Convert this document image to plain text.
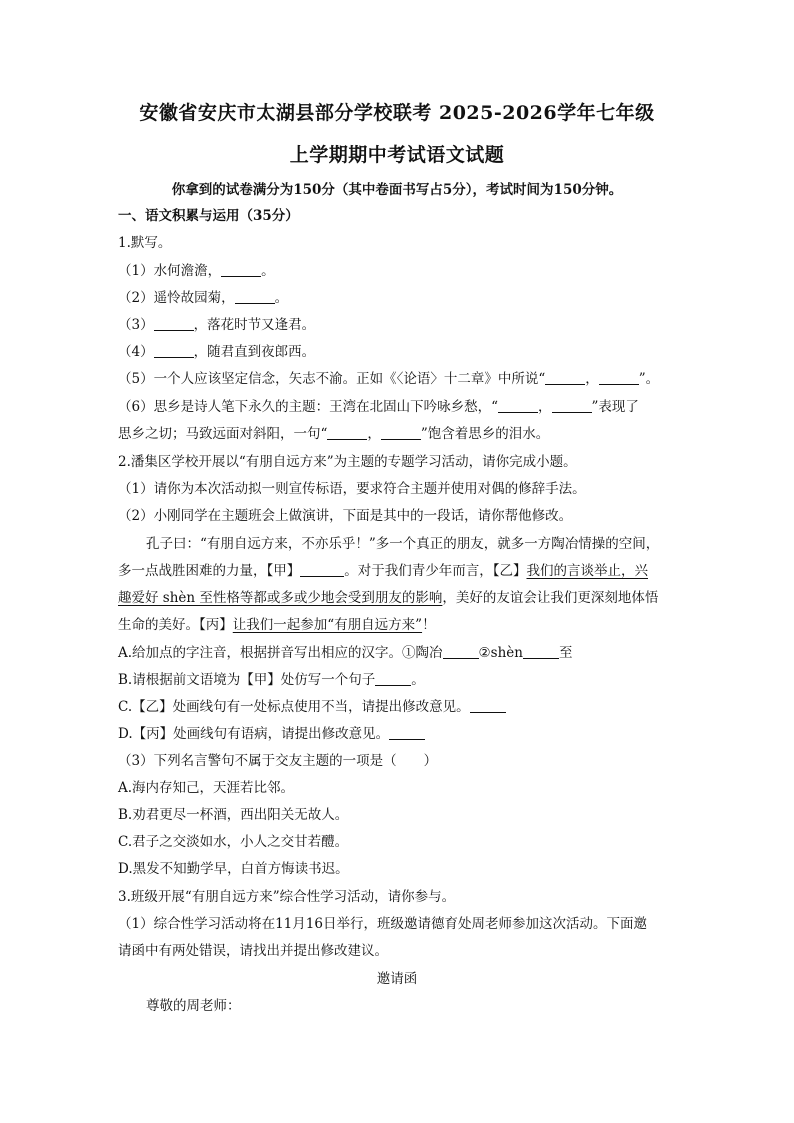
安徽省安庆市太湖县部分学校联考 2025-2026学年七年级
上学期期中考试语文试题
你拿到的试卷满分为150分（其中卷面书写占5分），考试时间为150分钟。
一、语文积累与运用（35分）
1.默写。
（1）水何澹澹，	。
（2）遥怜故园菊，	。
（3）	，落花时节又逢君。
（4）	，随君直到夜郎西。
（5）一个人应该坚定信念，矢志不渝。正如《〈论语〉十二章》中所说“	，	”。
（6）思乡是诗人笔下永久的主题：王湾在北固山下吟咏乡愁，“	，	”表现了
思乡之切；马致远面对斜阳，一句“	，	”饱含着思乡的泪水。
2.潘集区学校开展以“有朋自远方来”为主题的专题学习活动，请你完成小题。
（1）请你为本次活动拟一则宣传标语，要求符合主题并使用对偶的修辞手法。
（2）小刚同学在主题班会上做演讲，下面是其中的一段话，请你帮他修改。
孔子曰：“有朋自远方来，不亦乐乎！”多一个真正的朋友，就多一方陶冶情操的空间，
多一点战胜困难的力量，【甲】	。对于我们青少年而言，【乙】我们的言谈举止，兴
趣爱好 shèn 至性格等都或多或少地会受到朋友的影响，美好的友谊会让我们更深刻地体悟
生命的美好。【丙】让我们一起参加“有朋自远方来”！
A.给加点的字注音，根据拼音写出相应的汉字。①陶冶	②shèn	至
B.请根据前文语境为【甲】处仿写一个句子	。
C.【乙】处画线句有一处标点使用不当，请提出修改意见。
D.【丙】处画线句有语病，请提出修改意见。
（3）下列名言警句不属于交友主题的一项是（　　）
A.海内存知己，天涯若比邻。
B.劝君更尽一杯酒，西出阳关无故人。
C.君子之交淡如水，小人之交甘若醴。
D.黑发不知勤学早，白首方悔读书迟。
3.班级开展“有朋自远方来”综合性学习活动，请你参与。
（1）综合性学习活动将在11月16日举行，班级邀请德育处周老师参加这次活动。下面邀
请函中有两处错误，请找出并提出修改建议。
邀请函
尊敬的周老师：
